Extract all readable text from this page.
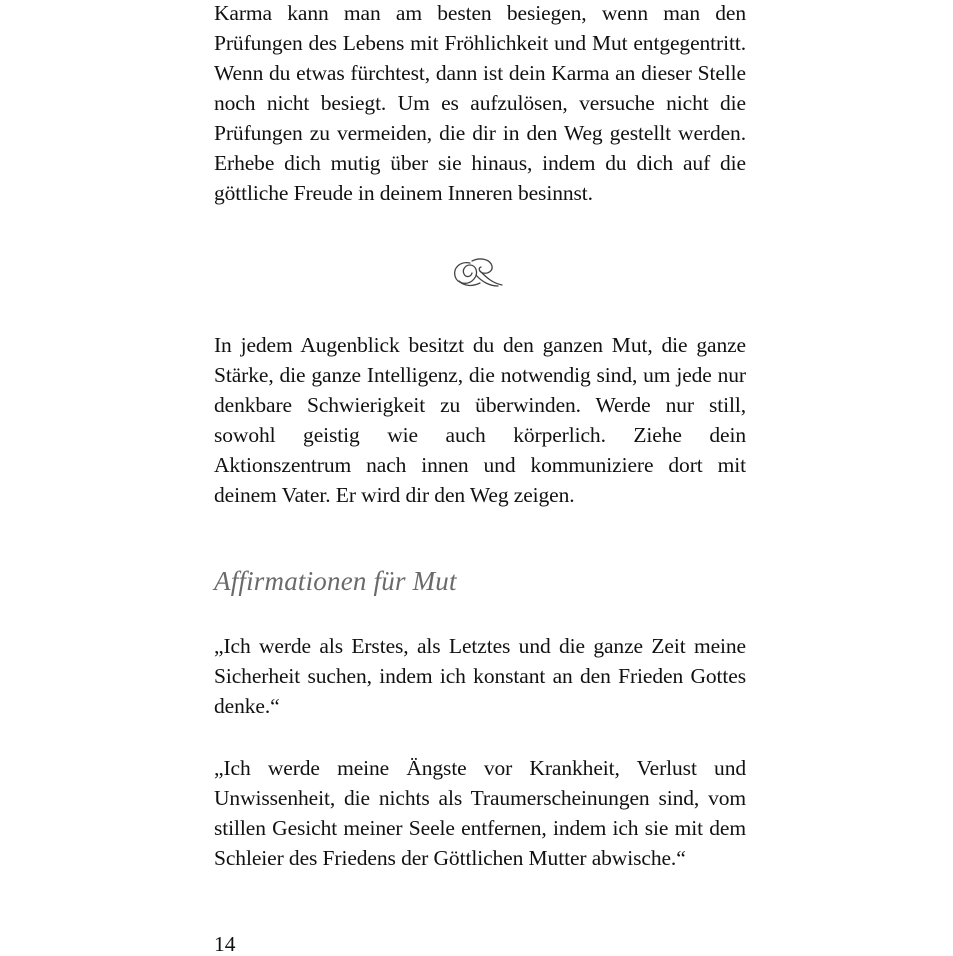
Karma kann man am besten besiegen, wenn man den Prüfungen des Lebens mit Fröhlichkeit und Mut entgegentritt. Wenn du etwas fürchtest, dann ist dein Karma an dieser Stelle noch nicht besiegt. Um es aufzulösen, versuche nicht die Prüfungen zu vermeiden, die dir in den Weg gestellt werden. Erhebe dich mutig über sie hinaus, indem du dich auf die göttliche Freude in deinem Inneren besinnst.

In jedem Augenblick besitzt du den ganzen Mut, die ganze Stärke, die ganze Intelligenz, die notwendig sind, um jede nur denkbare Schwierigkeit zu überwinden. Werde nur still, sowohl geistig wie auch körperlich. Ziehe dein Aktionszentrum nach innen und kommuniziere dort mit deinem Vater. Er wird dir den Weg zeigen.

Affirmationen für Mut

„Ich werde als Erstes, als Letztes und die ganze Zeit meine Sicherheit suchen, indem ich konstant an den Frieden Gottes denke.“

„Ich werde meine Ängste vor Krankheit, Verlust und Unwissenheit, die nichts als Traumerscheinungen sind, vom stillen Gesicht meiner Seele entfernen, indem ich sie mit dem Schleier des Friedens der Göttlichen Mutter abwische.“

14
